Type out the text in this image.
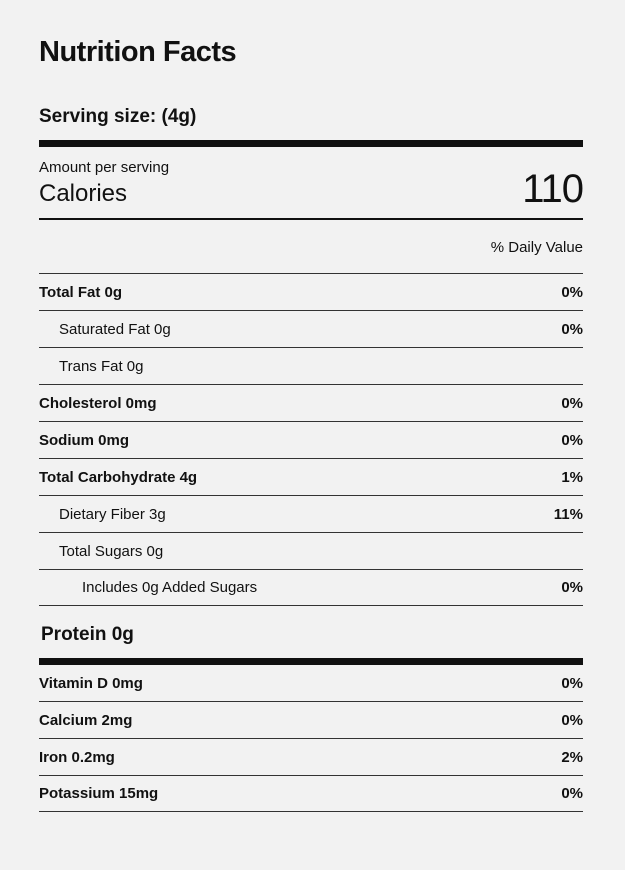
Nutrition Facts
Serving size: (4g)
Amount per serving
Calories	110
% Daily Value
Total Fat 0g	0%
Saturated Fat 0g	0%
Trans Fat 0g
Cholesterol 0mg	0%
Sodium 0mg	0%
Total Carbohydrate 4g	1%
Dietary Fiber 3g	11%
Total Sugars 0g
Includes 0g Added Sugars	0%
Protein 0g
Vitamin D 0mg	0%
Calcium 2mg	0%
Iron 0.2mg	2%
Potassium 15mg	0%
